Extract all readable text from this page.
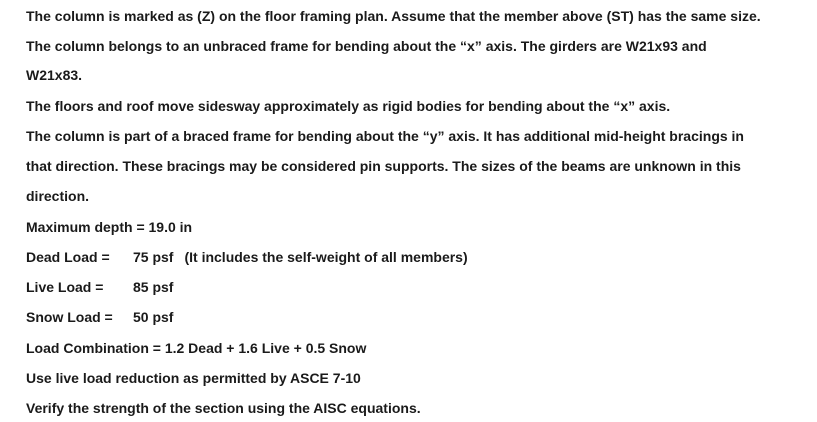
The column is marked as (Z) on the floor framing plan. Assume that the member above (ST) has the same size.
The column belongs to an unbraced frame for bending about the “x” axis. The girders are W21x93 and
W21x83.
The floors and roof move sidesway approximately as rigid bodies for bending about the “x” axis.
The column is part of a braced frame for bending about the “y” axis. It has additional mid-height bracings in
that direction. These bracings may be considered pin supports. The sizes of the beams are unknown in this
direction.
Maximum depth = 19.0 in
Dead Load = 75 psf (It includes the self-weight of all members)
Live Load = 85 psf
Snow Load = 50 psf
Load Combination = 1.2 Dead + 1.6 Live + 0.5 Snow
Use live load reduction as permitted by ASCE 7-10
Verify the strength of the section using the AISC equations.
